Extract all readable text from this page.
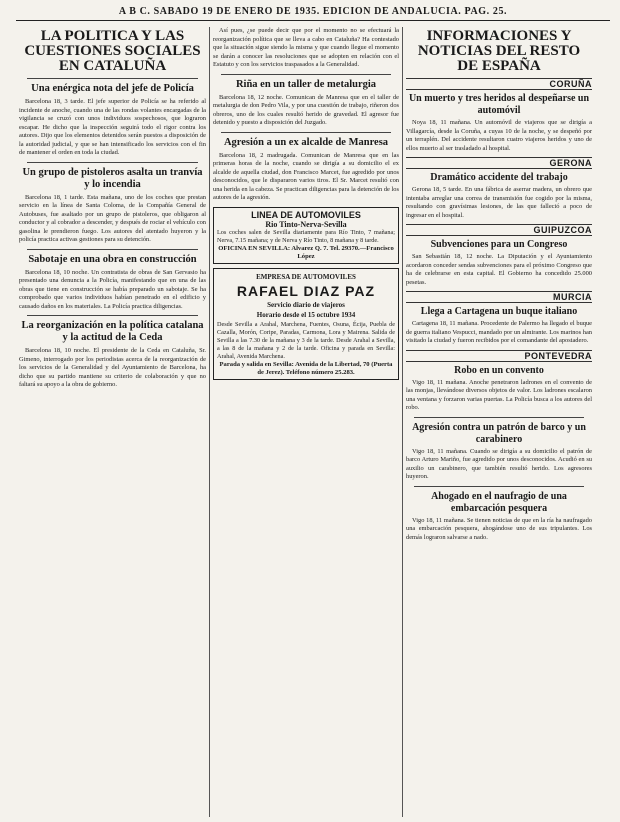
A B C. SABADO 19 DE ENERO DE 1935. EDICION DE ANDALUCIA. PAG. 25.
LA POLITICA Y LAS CUESTIONES SOCIALES EN CATALUÑA
Una enérgica nota del jefe de Policía

Barcelona 18, 3 tarde. El jefe superior de Policía se ha referido al incidente de anoche, cuando una de las rondas volantes encargadas de la vigilancia se cruzó con unos individuos sospechosos, que lograron escapar. He dicho que la inspección seguirá todo el rigor contra los autores. Dijo que los elementos detenidos serán puestos a disposición de la autoridad judicial, y que se han intensificado los servicios con el fin de mantener el orden en toda la ciudad.

Un grupo de pistoleros asalta un tranvía y lo incendia

Barcelona 18, 1 tarde. Esta mañana, uno de los coches que prestan servicio en la línea de Santa Coloma, de la Compañía General de Autobuses, fue asaltado por un grupo de pistoleros, que obligaron al conductor y al cobrador a descender, y después de rociar el vehículo con gasolina le prendieron fuego. Los autores del atentado huyeron y la policía practica activas gestiones para su detención.

Sabotaje en una obra en construcción

Barcelona 18, 10 noche. Un contratista de obras de San Gervasio ha presentado una denuncia a la Policía, manifestando que en una de las obras que tiene en construcción se había preparado un sabotaje. Se ha comprobado que varios individuos habían penetrado en el edificio y causado daños en los materiales. La Policía practica diligencias.

La reorganización en la política catalana y la actitud de la Ceda

Barcelona 18, 10 noche. El presidente de la Ceda en Cataluña, Sr. Gimeno, interrogado por los periodistas acerca de la reorganización de los servicios de la Generalidad y del Ayuntamiento de Barcelona, ha dicho que su partido mantiene su criterio de colaboración y que no faltará su apoyo a la obra de gobierno.

Así pues, ¿se puede decir que por el momento no se efectuará la reorganización política que se lleva a cabo en Cataluña? Ha contestado que la situación sigue siendo la misma y que cuando llegue el momento se darán a conocer las resoluciones que se adopten en relación con el Estatuto y con los servicios traspasados a la Generalidad.

Riña en un taller de metalurgia

Barcelona 18, 12 noche. Comunican de Manresa que en el taller de metalurgia de don Pedro Vila, y por una cuestión de trabajo, riñeron dos obreros, uno de los cuales resultó herido de gravedad. El agresor fue detenido y puesto a disposición del Juzgado.

Agresión a un ex alcalde de Manresa

Barcelona 18, 2 madrugada. Comunican de Manresa que en las primeras horas de la noche, cuando se dirigía a su domicilio el ex alcalde de aquella ciudad, don Francisco Marcet, fue agredido por unos desconocidos, que le dispararon varios tiros. El Sr. Marcet resultó con una herida en la cabeza. Se practican diligencias para la detención de los autores de la agresión.

LINEA DE AUTOMOVILES
Rio Tinto-Nerva-Sevilla
Los coches salen de Sevilla diariamente para Río Tinto, 7 mañana; Nerva, 7.15 mañana; y de Nerva y Río Tinto, 8 mañana y 8 tarde.
OFICINA EN SEVILLA: Alvarez Q. 7. Tel. 29370.—Francisco López
EMPRESA DE AUTOMOVILES
RAFAEL DIAZ PAZ
Servicio diario de viajeros
Horario desde el 15 octubre 1934
Desde Sevilla a Arahal, Marchena, Fuentes, Osuna, Écija, Puebla de Cazalla, Morón, Coripe, Paradas, Carmona, Lora y Mairena. Salida de Sevilla a las 7.30 de la mañana y 3 de la tarde. Desde Arahal a Sevilla, a las 8 de la mañana y 2 de la tarde. Oficina y parada en Sevilla: Arahal, Avenida Marchena.
Parada y salida en Sevilla: Avenida de la Libertad, 70 (Puerta de Jerez). Teléfono número 25.283.
INFORMACIONES Y NOTICIAS DEL RESTO DE ESPAÑA
CORUÑA
Un muerto y tres heridos al despeñarse un automóvil

Noya 18, 11 mañana. Un automóvil de viajeros que se dirigía a Villagarcía, desde la Coruña, a cuyas 10 de la noche, y se despeñó por un terraplén. Del accidente resultaron cuatro viajeros heridos y uno de ellos muerto al ser trasladado al hospital.

GERONA
Dramático accidente del trabajo

Gerona 18, 5 tarde. En una fábrica de aserrar madera, un obrero que intentaba arreglar una correa de transmisión fue cogido por la misma, resultando con gravísimas lesiones, de las que falleció a poco de ingresar en el hospital.

GUIPUZCOA
Subvenciones para un Congreso

San Sebastián 18, 12 noche. La Diputación y el Ayuntamiento acordaron conceder sendas subvenciones para el próximo Congreso que ha de celebrarse en esta capital. El Gobierno ha concedido 25.000 pesetas.

MURCIA
Llega a Cartagena un buque italiano

Cartagena 18, 11 mañana. Procedente de Palermo ha llegado el buque de guerra italiano Vespucci, mandado por un almirante. Los marinos han visitado la ciudad y fueron recibidos por el comandante del apostadero.

PONTEVEDRA
Robo en un convento

Vigo 18, 11 mañana. Anoche penetraron ladrones en el convento de las monjas, llevándose diversos objetos de valor. Los ladrones escalaron una ventana y forzaron varias puertas. La Policía busca a los autores del robo.

Agresión contra un patrón de barco y un carabinero

Vigo 18, 11 mañana. Cuando se dirigía a su domicilio el patrón de barco Arturo Mariño, fue agredido por unos desconocidos. Acudió en su auxilio un carabinero, que también resultó herido. Los agresores huyeron.

Ahogado en el naufragio de una embarcación pesquera

Vigo 18, 11 mañana. Se tienen noticias de que en la ría ha naufragado una embarcación pesquera, ahogándose uno de sus tripulantes. Los demás lograron salvarse a nado.
